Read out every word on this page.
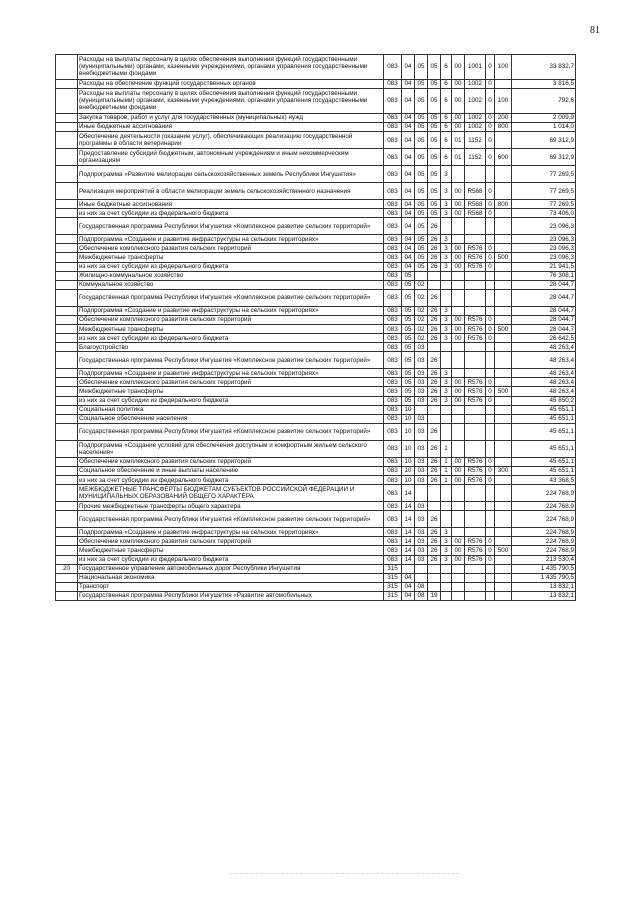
81
	Расходы на выплаты персоналу в целях обеспечения выполнения функций государственными (муниципальными) органами, казенными учреждениями, органами управления государственными внебюджетными фондами	083	04	05	05	6	00	1001	0	100	33 832,7
	Расходы на обеспечение функций государственных органов	083	04	05	05	6	00	1002	0		3 816,5
	Расходы на выплаты персоналу в целях обеспечения выполнения функций государственными (муниципальными) органами, казенными учреждениями, органами управления государственными внебюджетными фондами	083	04	05	05	6	00	1002	0	100	792,6
	Закупка товаров, работ и услуг для государственных (муниципальных) нужд	083	04	05	05	6	00	1002	0	200	2 009,9
	Иные бюджетные ассигнования	083	04	05	05	6	00	1002	0	800	1 014,0
	Обеспечение деятельности (оказание услуг), обеспечивающих реализацию государственной программы в области ветеринарии	083	04	05	05	6	01	1152	0		69 312,9
	Предоставление субсидий бюджетным, автономным учреждениям и иным некоммерческим организациям	083	04	05	05	6	01	1152	0	600	69 312,9
	Подпрограмма «Развитие мелиорации сельскохозяйственных земель Республики Ингушетия»	083	04	05	05	3					77 269,5
	Реализация мероприятий в области мелиорации земель сельскохозяйственного назначения	083	04	05	05	3	00	R568	0		77 269,5
	Иные бюджетные ассигнования	083	04	05	05	3	00	R568	0	800	77 269,5
	из них за счет субсидии из федерального бюджета	083	04	05	05	3	00	R568	0		73 406,0
	Государственная программа Республики Ингушетия «Комплексное развитие сельских территорий»	083	04	05	26						23 096,3
	Подпрограмма «Создание и развитие инфраструктуры на сельских территориях»	083	04	05	26	3					23 096,3
	Обеспечение комплексного развития сельских территорий	083	04	05	26	3	00	R576	0		23 096,3
	Межбюджетные трансферты	083	04	05	26	3	00	R576	0	500	23 096,3
	из них за счет субсидии из федерального бюджета	083	04	05	26	3	00	R576	0		21 941,5
	Жилищно-коммунальное хозяйство	083	05								76 308,1
	Коммунальное хозяйство	083	05	02							28 044,7
	Государственная программа Республики Ингушетия «Комплексное развитие сельских территорий»	083	05	02	26						28 044,7
	Подпрограмма «Создание и развитие инфраструктуры на сельских территориях»	083	05	02	26	3					28 044,7
	Обеспечение комплексного развития сельских территорий	083	05	02	26	3	00	R576	0		28 044,7
	Межбюджетные трансферты	083	05	02	26	3	00	R576	0	500	28 044,7
	из них за счет субсидии из федерального бюджета	083	05	02	26	3	00	R576	0		26 642,5
	Благоустройство	083	05	03							48 263,4
	Государственная программа Республики Ингушетия «Комплексное развитие сельских территорий»	083	05	03	26						48 263,4
	Подпрограмма «Создание и развитие инфраструктуры на сельских территориях»	083	05	03	26	3					48 263,4
	Обеспечение комплексного развития сельских территорий	083	05	03	26	3	00	R576	0		48 263,4
	Межбюджетные трансферты	083	05	03	26	3	00	R576	0	500	48 263,4
	из них за счет субсидии из федерального бюджета	083	05	03	26	3	00	R576	0		45 850,2
	Социальная политика	083	10								45 651,1
	Социальное обеспечение населения	083	10	03							45 651,1
	Государственная программа Республики Ингушетия «Комплексное развитие сельских территорий»	083	10	03	26						45 651,1
	Подпрограмма «Создание условий для обеспечения доступным и комфортным жильем сельского населения»	083	10	03	26	1					45 651,1
	Обеспечение комплексного развития сельских территорий	083	10	03	26	1	00	R576	0		45 651,1
	Социальное обеспечение и иные выплаты населению	083	10	03	26	1	00	R576	0	300	45 651,1
	из них за счет субсидии из федерального бюджета	083	10	03	26	1	00	R576	0		43 368,5
	МЕЖБЮДЖЕТНЫЕ ТРАНСФЕРТЫ БЮДЖЕТАМ СУБЪЕКТОВ РОССИЙСКОЙ ФЕДЕРАЦИИ И МУНИЦИПАЛЬНЫХ ОБРАЗОВАНИЙ ОБЩЕГО ХАРАКТЕРА	083	14								224 768,9
	Прочие межбюджетные трансферты общего характера	083	14	03							224 768,9
	Государственная программа Республики Ингушетия «Комплексное развитие сельских территорий»	083	14	03	26						224 768,9
	Подпрограмма «Создание и развитие инфраструктуры на сельских территориях»	083	14	03	26	3					224 768,9
	Обеспечение комплексного развития сельских территорий	083	14	03	26	3	00	R576	0		224 768,9
	Межбюджетные трансферты	083	14	03	26	3	00	R576	0	500	224 768,9
	из них за счет субсидии из федерального бюджета	083	14	03	26	3	00	R576	0		213 530,4
20	Государственное управление автомобильных дорог Республики Ингушетия	315									1 435 790,5
	Национальная экономика	315	04								1 435 790,5
	Транспорт	315	04	08							13 832,1
	Государственная программа Республики Ингушетия «Развитие автомобильных	315	04	08	19						13 832,1
